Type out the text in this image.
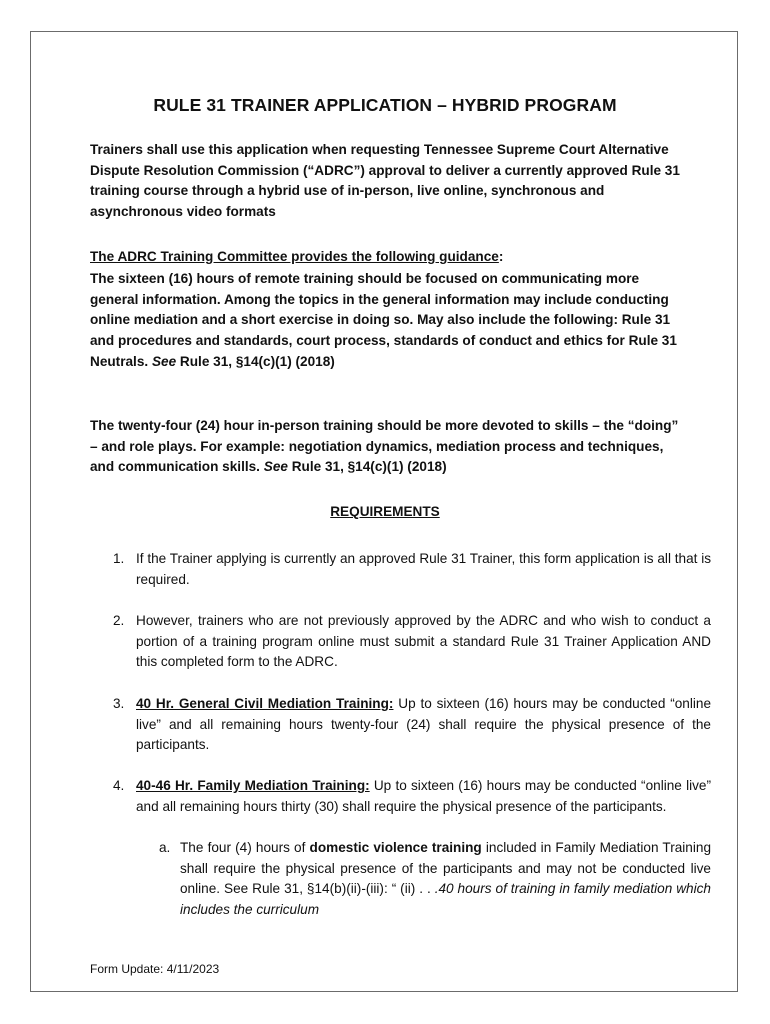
RULE 31 TRAINER APPLICATION – HYBRID PROGRAM
Trainers shall use this application when requesting Tennessee Supreme Court Alternative Dispute Resolution Commission (“ADRC”) approval to deliver a currently approved Rule 31 training course through a hybrid use of in-person, live online, synchronous and asynchronous video formats
The ADRC Training Committee provides the following guidance:
The sixteen (16) hours of remote training should be focused on communicating more general information. Among the topics in the general information may include conducting online mediation and a short exercise in doing so. May also include the following: Rule 31 and procedures and standards, court process, standards of conduct and ethics for Rule 31 Neutrals. See Rule 31, §14(c)(1) (2018)
The twenty-four (24) hour in-person training should be more devoted to skills – the “doing” – and role plays. For example: negotiation dynamics, mediation process and techniques, and communication skills. See Rule 31, §14(c)(1) (2018)
REQUIREMENTS
1. If the Trainer applying is currently an approved Rule 31 Trainer, this form application is all that is required.
2. However, trainers who are not previously approved by the ADRC and who wish to conduct a portion of a training program online must submit a standard Rule 31 Trainer Application AND this completed form to the ADRC.
3. 40 Hr. General Civil Mediation Training: Up to sixteen (16) hours may be conducted “online live” and all remaining hours twenty-four (24) shall require the physical presence of the participants.
4. 40-46 Hr. Family Mediation Training: Up to sixteen (16) hours may be conducted “online live” and all remaining hours thirty (30) shall require the physical presence of the participants.
a. The four (4) hours of domestic violence training included in Family Mediation Training shall require the physical presence of the participants and may not be conducted live online. See Rule 31, §14(b)(ii)-(iii): “ (ii) . . .40 hours of training in family mediation which includes the curriculum
Form Update: 4/11/2023
